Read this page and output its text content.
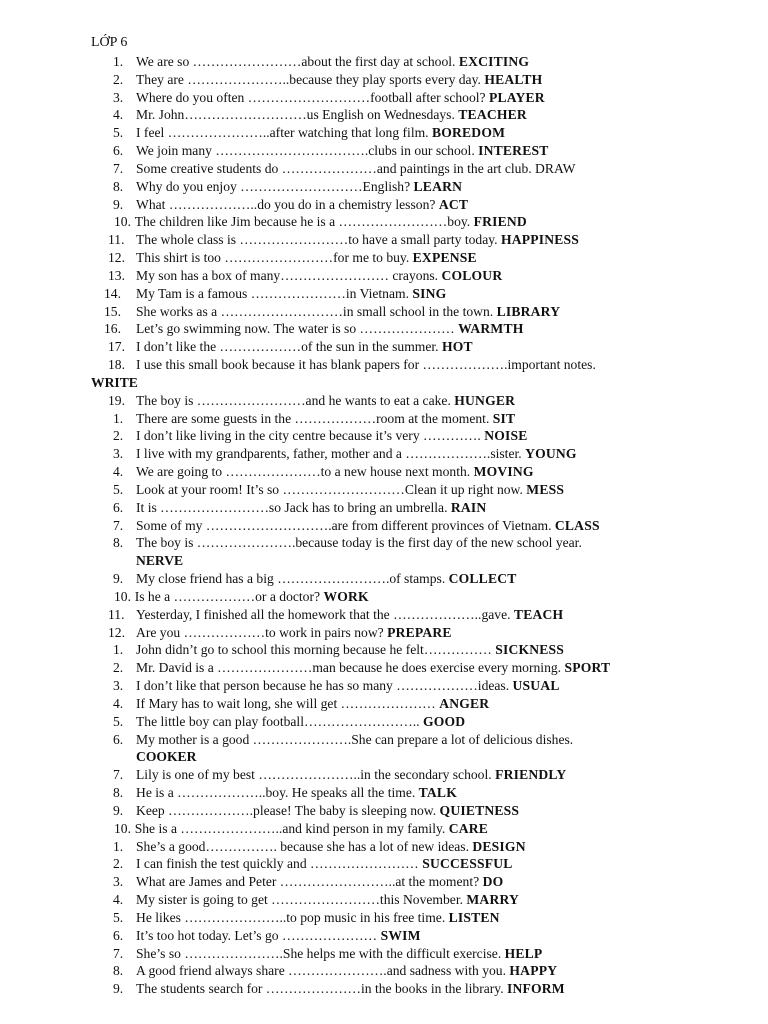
LỚP 6
1. We are so ……………………about the first day at school. EXCITING
2. They are …………………..because they play sports every day. HEALTH
3. Where do you often ………………………football after school? PLAYER
4. Mr. John………………………us English on Wednesdays. TEACHER
5. I feel …………………..after watching that long film. BOREDOM
6. We join many …………………………….clubs in our school. INTEREST
7. Some creative students do …………………and paintings in the art club. DRAW
8. Why do you enjoy ………………………English? LEARN
9. What ………………..do you do in a chemistry lesson? ACT
10. The children like Jim because he is a ……………………boy. FRIEND
11. The whole class is ……………………to have a small party today. HAPPINESS
12. This shirt is too ……………………for me to buy. EXPENSE
13. My son has a box of many…………………… crayons. COLOUR
14. My Tam is a famous …………………in Vietnam. SING
15. She works as a ………………………in small school in the town. LIBRARY
16. Let’s go swimming now. The water is so ………………… WARMTH
17. I don’t like the ………………of the sun in the summer. HOT
18. I use this small book because it has blank papers for ……………….important notes.
WRITE
19. The boy is ……………………and he wants to eat a cake. HUNGER
1. There are some guests in the ………………room at the moment. SIT
2. I don’t like living in the city centre because it’s very …………. NOISE
3. I live with my grandparents, father, mother and a ……………….sister. YOUNG
4. We are going to …………………to a new house next month. MOVING
5. Look at your room! It’s so ………………………Clean it up right now. MESS
6. It is ……………………so Jack has to bring an umbrella. RAIN
7. Some of my ……………………….are from different provinces of Vietnam. CLASS
8. The boy is ………………….because today is the first day of the new school year.
NERVE
9. My close friend has a big …………………….of stamps. COLLECT
10. Is he a ………………or a doctor? WORK
11. Yesterday, I finished all the homework that the ………………..gave. TEACH
12. Are you ………………to work in pairs now? PREPARE
1. John didn’t go to school this morning because he felt…………… SICKNESS
2. Mr. David is a …………………man because he does exercise every morning. SPORT
3. I don’t like that person because he has so many ………………ideas. USUAL
4. If Mary has to wait long, she will get ………………… ANGER
5. The little boy can play football…………………….. GOOD
6. My mother is a good ………………….She can prepare a lot of delicious dishes.
COOKER
7. Lily is one of my best …………………..in the secondary school. FRIENDLY
8. He is a ………………..boy. He speaks all the time. TALK
9. Keep ……………….please! The baby is sleeping now. QUIETNESS
10. She is a …………………..and kind person in my family. CARE
1. She’s a good……………. because she has a lot of new ideas. DESIGN
2. I can finish the test quickly and …………………… SUCCESSFUL
3. What are James and Peter ……………………..at the moment? DO
4. My sister is going to get ……………………this November. MARRY
5. He likes …………………..to pop music in his free time. LISTEN
6. It’s too hot today. Let’s go ………………… SWIM
7. She’s so ………………….She helps me with the difficult exercise. HELP
8. A good friend always share ………………….and sadness with you. HAPPY
9. The students search for …………………in the books in the library. INFORM
